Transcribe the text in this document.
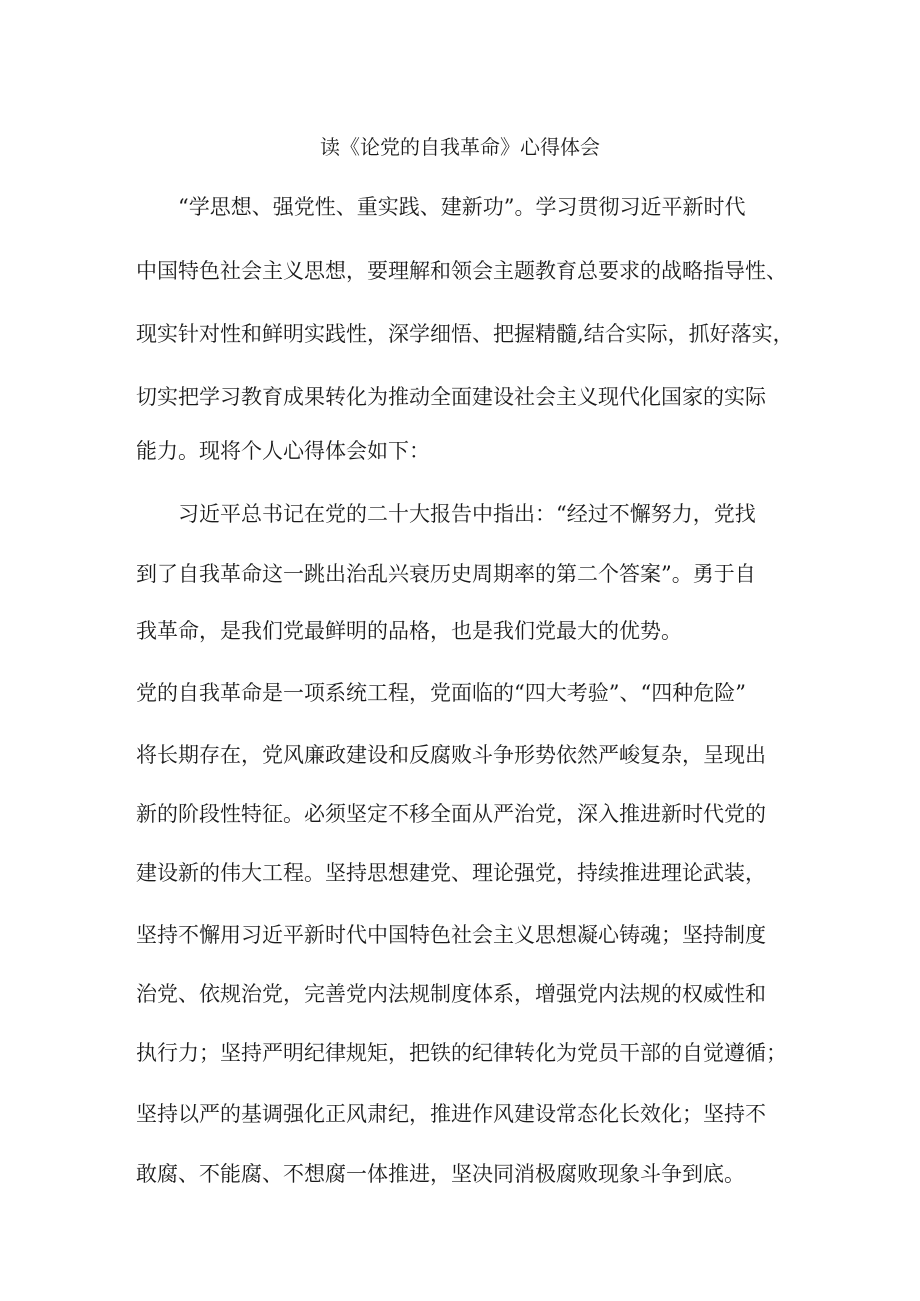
读《论党的自我革命》心得体会
“学思想、强党性、重实践、建新功”。学习贯彻习近平新时代
中国特色社会主义思想，要理解和领会主题教育总要求的战略指导性、
现实针对性和鲜明实践性，深学细悟、把握精髓,结合实际，抓好落实，
切实把学习教育成果转化为推动全面建设社会主义现代化国家的实际
能力。现将个人心得体会如下：
习近平总书记在党的二十大报告中指出：“经过不懈努力，党找
到了自我革命这一跳出治乱兴衰历史周期率的第二个答案”。勇于自
我革命，是我们党最鲜明的品格，也是我们党最大的优势。
党的自我革命是一项系统工程，党面临的“四大考验”、“四种危险”
将长期存在，党风廉政建设和反腐败斗争形势依然严峻复杂，呈现出
新的阶段性特征。必须坚定不移全面从严治党，深入推进新时代党的
建设新的伟大工程。坚持思想建党、理论强党，持续推进理论武装，
坚持不懈用习近平新时代中国特色社会主义思想凝心铸魂；坚持制度
治党、依规治党，完善党内法规制度体系，增强党内法规的权威性和
执行力；坚持严明纪律规矩，把铁的纪律转化为党员干部的自觉遵循；
坚持以严的基调强化正风肃纪，推进作风建设常态化长效化；坚持不
敢腐、不能腐、不想腐一体推进，坚决同消极腐败现象斗争到底。
